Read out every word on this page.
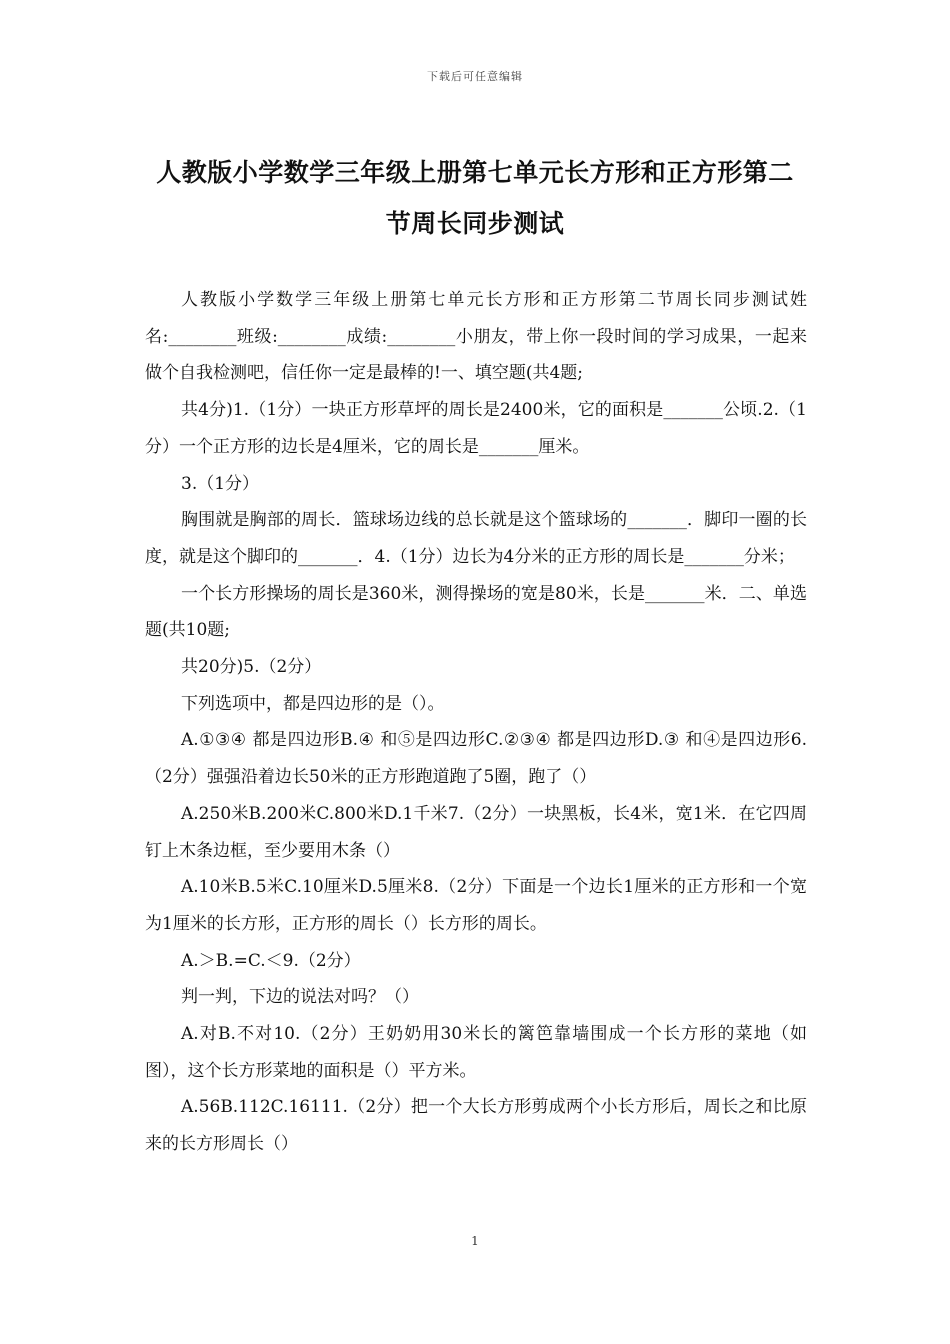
下载后可任意编辑
人教版小学数学三年级上册第七单元长方形和正方形第二
节周长同步测试

人教版小学数学三年级上册第七单元长方形和正方形第二节周长同步测试姓名:________班级:________成绩:________小朋友，带上你一段时间的学习成果，一起来做个自我检测吧，信任你一定是最棒的!一、填空题(共4题;

共4分)1.（1分）一块正方形草坪的周长是2400米，它的面积是_______公顷.2.（1分）一个正方形的边长是4厘米，它的周长是_______厘米。

3.（1分）

胸围就是胸部的周长．篮球场边线的总长就是这个篮球场的_______．脚印一圈的长度，就是这个脚印的_______．4.（1分）边长为4分米的正方形的周长是_______分米；

一个长方形操场的周长是360米，测得操场的宽是80米，长是_______米．二、单选题(共10题;

共20分)5.（2分）

下列选项中，都是四边形的是（）。

A.①③④ 都是四边形B.④ 和⑤是四边形C.②③④ 都是四边形D.③ 和④是四边形6.（2分）强强沿着边长50米的正方形跑道跑了5圈，跑了（）

A.250米B.200米C.800米D.1千米7.（2分）一块黑板，长4米，宽1米．在它四周钉上木条边框，至少要用木条（）

A.10米B.5米C.10厘米D.5厘米8.（2分）下面是一个边长1厘米的正方形和一个宽为1厘米的长方形，正方形的周长（）长方形的周长。

A.＞B.=C.＜9.（2分）

判一判，下边的说法对吗？（）

A.对B.不对10.（2分）王奶奶用30米长的篱笆靠墙围成一个长方形的菜地（如图），这个长方形菜地的面积是（）平方米。

A.56B.112C.16111.（2分）把一个大长方形剪成两个小长方形后，周长之和比原来的长方形周长（）

1
